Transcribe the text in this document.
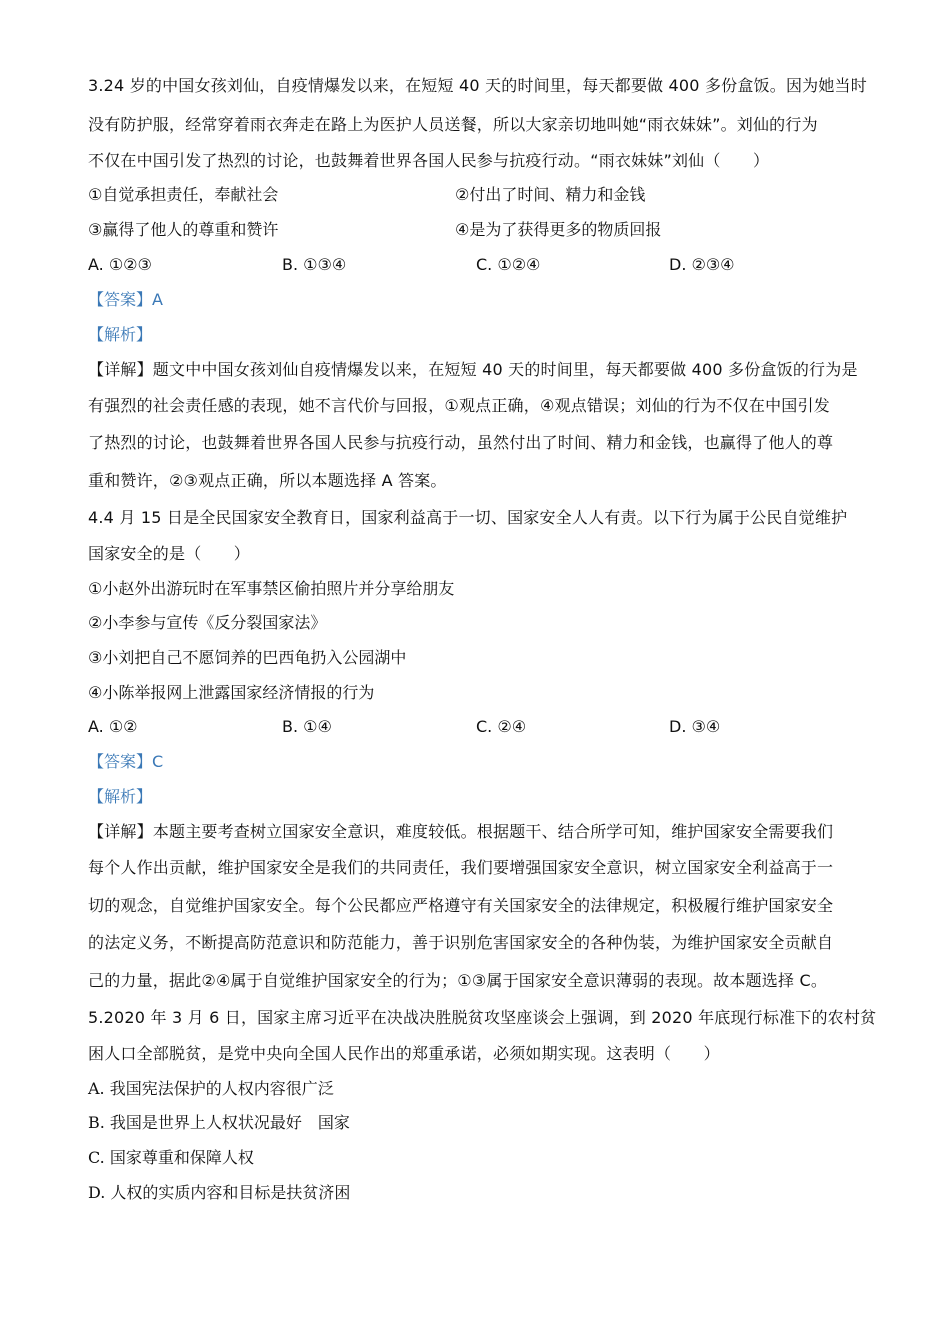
3.24 岁的中国女孩刘仙，自疫情爆发以来，在短短 40 天的时间里，每天都要做 400 多份盒饭。因为她当时
没有防护服，经常穿着雨衣奔走在路上为医护人员送餐，所以大家亲切地叫她“雨衣妹妹”。刘仙的行为
不仅在中国引发了热烈的讨论，也鼓舞着世界各国人民参与抗疫行动。“雨衣妹妹”刘仙（　　）
①自觉承担责任，奉献社会	②付出了时间、精力和金钱
③赢得了他人的尊重和赞许	④是为了获得更多的物质回报
A. ①②③	B. ①③④	C. ①②④	D. ②③④
【答案】A
【解析】
【详解】题文中中国女孩刘仙自疫情爆发以来，在短短 40 天的时间里，每天都要做 400 多份盒饭的行为是
有强烈的社会责任感的表现，她不言代价与回报，①观点正确，④观点错误；刘仙的行为不仅在中国引发
了热烈的讨论，也鼓舞着世界各国人民参与抗疫行动，虽然付出了时间、精力和金钱，也赢得了他人的尊
重和赞许，②③观点正确，所以本题选择 A 答案。
4.4 月 15 日是全民国家安全教育日，国家利益高于一切、国家安全人人有责。以下行为属于公民自觉维护
国家安全的是（　　）
①小赵外出游玩时在军事禁区偷拍照片并分享给朋友
②小李参与宣传《反分裂国家法》
③小刘把自己不愿饲养的巴西龟扔入公园湖中
④小陈举报网上泄露国家经济情报的行为
A. ①②	B. ①④	C. ②④	D. ③④
【答案】C
【解析】
【详解】本题主要考查树立国家安全意识，难度较低。根据题干、结合所学可知，维护国家安全需要我们
每个人作出贡献，维护国家安全是我们的共同责任，我们要增强国家安全意识，树立国家安全利益高于一
切的观念，自觉维护国家安全。每个公民都应严格遵守有关国家安全的法律规定，积极履行维护国家安全
的法定义务，不断提高防范意识和防范能力，善于识别危害国家安全的各种伪装，为维护国家安全贡献自
己的力量，据此②④属于自觉维护国家安全的行为；①③属于国家安全意识薄弱的表现。故本题选择 C。
5.2020 年 3 月 6 日，国家主席习近平在决战决胜脱贫攻坚座谈会上强调，到 2020 年底现行标准下的农村贫
困人口全部脱贫，是党中央向全国人民作出的郑重承诺，必须如期实现。这表明（　　）
A. 我国宪法保护的人权内容很广泛
B. 我国是世界上人权状况最好　国家
C. 国家尊重和保障人权
D. 人权的实质内容和目标是扶贫济困
